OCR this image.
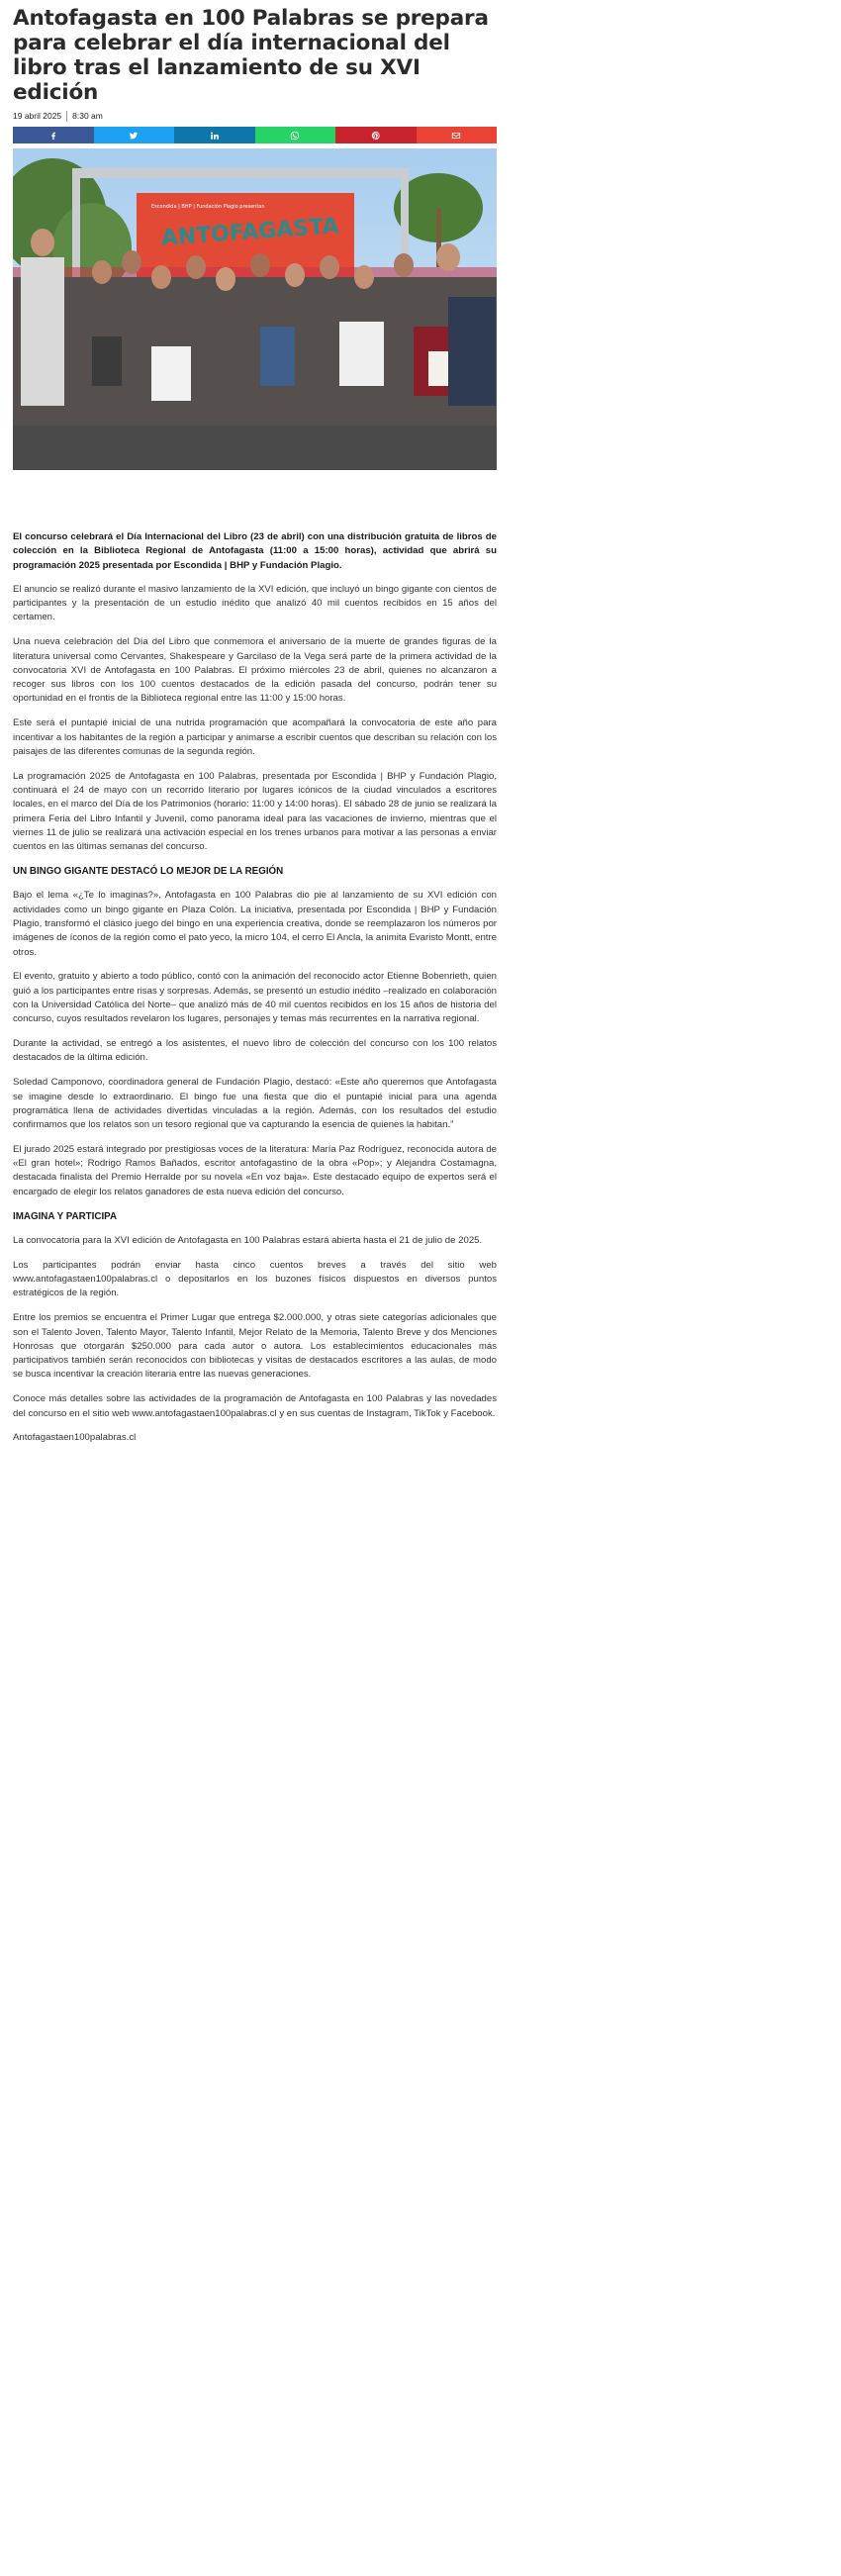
Antofagasta en 100 Palabras se prepara para celebrar el día internacional del libro tras el lanzamiento de su XVI edición
19 abril 2025 8:30 am
Escondida | BHP | Fundación Plagio presentan
ANTOFAGASTA

El concurso celebrará el Día Internacional del Libro (23 de abril) con una distribución gratuita de libros de colección en la Biblioteca Regional de Antofagasta (11:00 a 15:00 horas), actividad que abrirá su programación 2025 presentada por Escondida | BHP y Fundación Plagio.

El anuncio se realizó durante el masivo lanzamiento de la XVI edición, que incluyó un bingo gigante con cientos de participantes y la presentación de un estudio inédito que analizó 40 mil cuentos recibidos en 15 años del certamen.

Una nueva celebración del Día del Libro que conmemora el aniversario de la muerte de grandes figuras de la literatura universal como Cervantes, Shakespeare y Garcilaso de la Vega será parte de la primera actividad de la convocatoria XVI de Antofagasta en 100 Palabras. El próximo miércoles 23 de abril, quienes no alcanzaron a recoger sus libros con los 100 cuentos destacados de la edición pasada del concurso, podrán tener su oportunidad en el frontis de la Biblioteca regional entre las 11:00 y 15:00 horas.

Este será el puntapié inicial de una nutrida programación que acompañará la convocatoria de este año para incentivar a los habitantes de la región a participar y animarse a escribir cuentos que describan su relación con los paisajes de las diferentes comunas de la segunda región.

La programación 2025 de Antofagasta en 100 Palabras, presentada por Escondida | BHP y Fundación Plagio, continuará el 24 de mayo con un recorrido literario por lugares icónicos de la ciudad vinculados a escritores locales, en el marco del Día de los Patrimonios (horario: 11:00 y 14:00 horas). El sábado 28 de junio se realizará la primera Feria del Libro Infantil y Juvenil, como panorama ideal para las vacaciones de invierno, mientras que el viernes 11 de julio se realizará una activación especial en los trenes urbanos para motivar a las personas a enviar cuentos en las últimas semanas del concurso.

UN BINGO GIGANTE DESTACÓ LO MEJOR DE LA REGIÓN

Bajo el lema «¿Te lo imaginas?», Antofagasta en 100 Palabras dio pie al lanzamiento de su XVI edición con actividades como un bingo gigante en Plaza Colón. La iniciativa, presentada por Escondida | BHP y Fundación Plagio, transformó el clásico juego del bingo en una experiencia creativa, donde se reemplazaron los números por imágenes de íconos de la región como el pato yeco, la micro 104, el cerro El Ancla, la animita Evaristo Montt, entre otros.

El evento, gratuito y abierto a todo público, contó con la animación del reconocido actor Etienne Bobenrieth, quien guió a los participantes entre risas y sorpresas. Además, se presentó un estudio inédito –realizado en colaboración con la Universidad Católica del Norte– que analizó más de 40 mil cuentos recibidos en los 15 años de historia del concurso, cuyos resultados revelaron los lugares, personajes y temas más recurrentes en la narrativa regional.

Durante la actividad, se entregó a los asistentes, el nuevo libro de colección del concurso con los 100 relatos destacados de la última edición.

Soledad Camponovo, coordinadora general de Fundación Plagio, destacó: «Este año queremos que Antofagasta se imagine desde lo extraordinario. El bingo fue una fiesta que dio el puntapié inicial para una agenda programática llena de actividades divertidas vinculadas a la región. Además, con los resultados del estudio confirmamos que los relatos son un tesoro regional que va capturando la esencia de quienes la habitan.”

El jurado 2025 estará integrado por prestigiosas voces de la literatura: María Paz Rodríguez, reconocida autora de «El gran hotel»; Rodrigo Ramos Bañados, escritor antofagastino de la obra «Pop»; y Alejandra Costamagna, destacada finalista del Premio Herralde por su novela «En voz baja». Este destacado equipo de expertos será el encargado de elegir los relatos ganadores de esta nueva edición del concurso.

IMAGINA Y PARTICIPA

La convocatoria para la XVI edición de Antofagasta en 100 Palabras estará abierta hasta el 21 de julio de 2025.

Los participantes podrán enviar hasta cinco cuentos breves a través del sitio web www.antofagastaen100palabras.cl o depositarlos en los buzones físicos dispuestos en diversos puntos estratégicos de la región.

Entre los premios se encuentra el Primer Lugar que entrega $2.000.000, y otras siete categorías adicionales que son el Talento Joven, Talento Mayor, Talento Infantil, Mejor Relato de la Memoria, Talento Breve y dos Menciones Honrosas que otorgarán $250.000 para cada autor o autora. Los establecimientos educacionales más participativos también serán reconocidos con bibliotecas y visitas de destacados escritores a las aulas, de modo se busca incentivar la creación literaria entre las nuevas generaciones.

Conoce más detalles sobre las actividades de la programación de Antofagasta en 100 Palabras y las novedades del concurso en el sitio web www.antofagastaen100palabras.cl y en sus cuentas de Instagram, TikTok y Facebook.

Antofagastaen100palabras.cl
